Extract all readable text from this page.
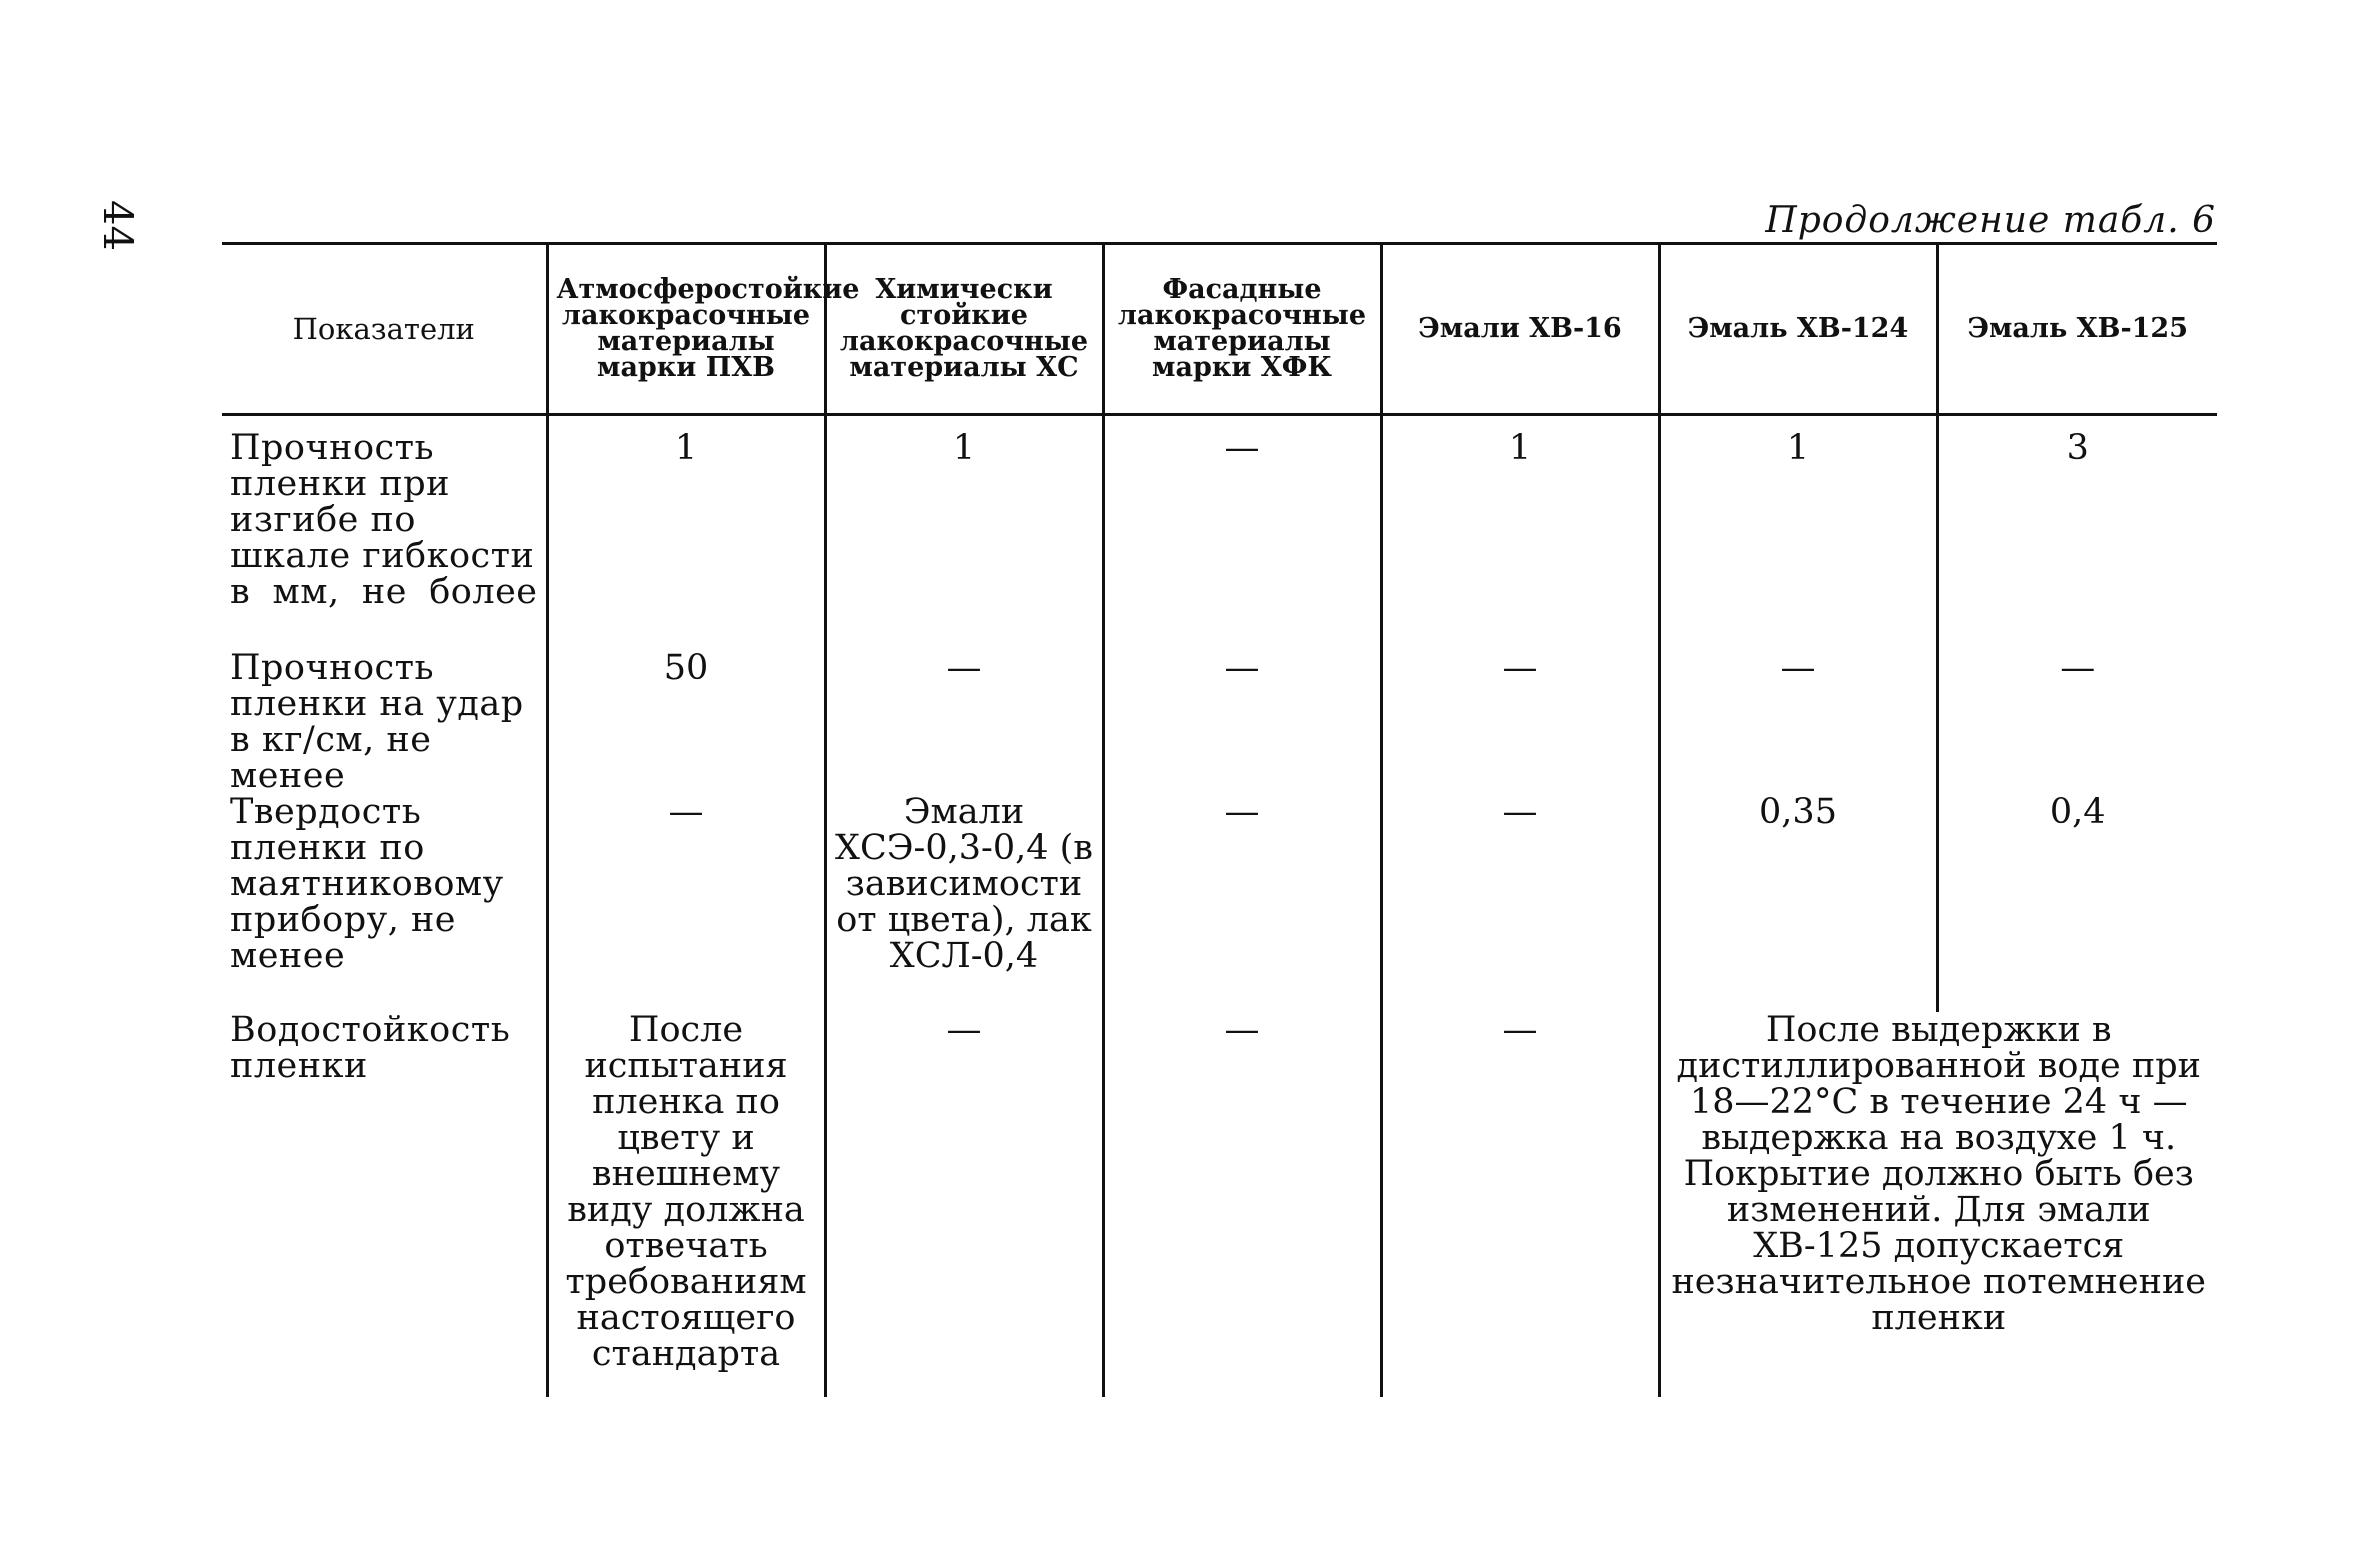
44	Продолжение табл. 6
Показатели	Атмосферостойкие лакокрасочные материалы марки ПХВ	Химически стойкие лакокрасочные материалы ХС	Фасадные лакокрасочные материалы марки ХФК	Эмали ХВ-16	Эмаль ХВ-124	Эмаль ХВ-125

Прочность пленки при изгибе по шкале гибкости в мм, не более	1	1	—	1	1	3
Прочность пленки на удар в кг/см, не менее	50	—	—	—	—	—
Твердость пленки по маятниковому прибору, не менее	—	Эмали ХСЭ-0,3-0,4 (в зависимости от цвета), лак ХСЛ-0,4	—	—	0,35	0,4
Водостойкость пленки	После испытания пленка по цвету и внешнему виду должна отвечать требованиям настоящего стандарта	—	—	—	После выдержки в дистиллированной воде при 18—22°С в течение 24 ч — выдержка на воздухе 1 ч. Покрытие должно быть без изменений. Для эмали ХВ-125 допускается незначительное потемнение пленки	
